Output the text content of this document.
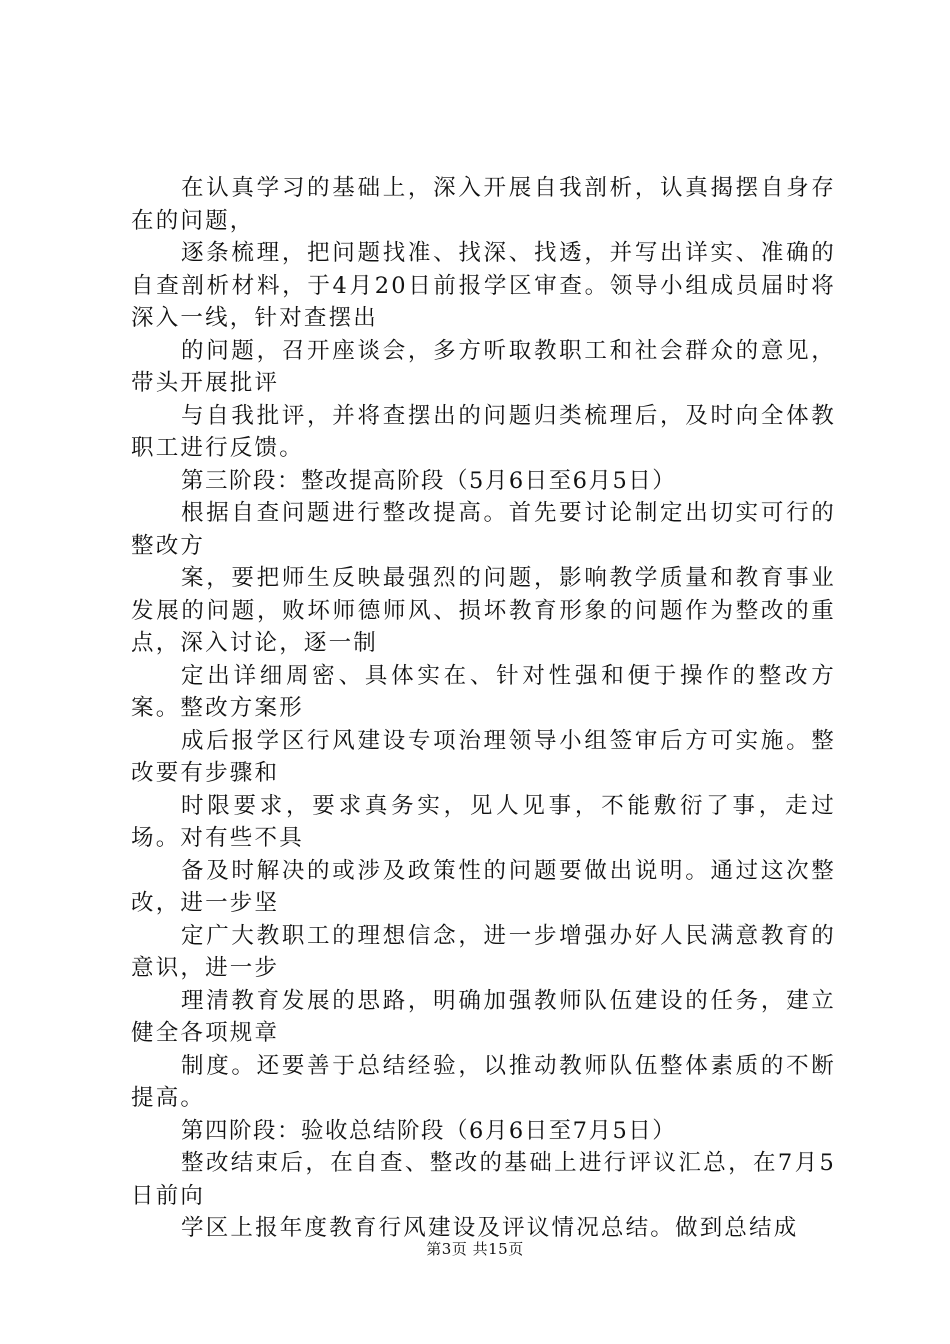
在认真学习的基础上，深入开展自我剖析，认真揭摆自身存在的问题，

逐条梳理，把问题找准、找深、找透，并写出详实、准确的自查剖析材料，于4月20日前报学区审查。领导小组成员届时将深入一线，针对查摆出

的问题，召开座谈会，多方听取教职工和社会群众的意见，带头开展批评

与自我批评，并将查摆出的问题归类梳理后，及时向全体教职工进行反馈。

第三阶段：整改提高阶段（5月6日至6月5日）

根据自查问题进行整改提高。首先要讨论制定出切实可行的整改方

案，要把师生反映最强烈的问题，影响教学质量和教育事业发展的问题，败坏师德师风、损坏教育形象的问题作为整改的重点，深入讨论，逐一制

定出详细周密、具体实在、针对性强和便于操作的整改方案。整改方案形

成后报学区行风建设专项治理领导小组签审后方可实施。整改要有步骤和

时限要求，要求真务实，见人见事，不能敷衍了事，走过场。对有些不具

备及时解决的或涉及政策性的问题要做出说明。通过这次整改，进一步坚

定广大教职工的理想信念，进一步增强办好人民满意教育的意识，进一步

理清教育发展的思路，明确加强教师队伍建设的任务，建立健全各项规章

制度。还要善于总结经验，以推动教师队伍整体素质的不断提高。

第四阶段：验收总结阶段（6月6日至7月5日）

整改结束后，在自查、整改的基础上进行评议汇总，在7月5日前向

学区上报年度教育行风建设及评议情况总结。做到总结成

第3页 共15页
